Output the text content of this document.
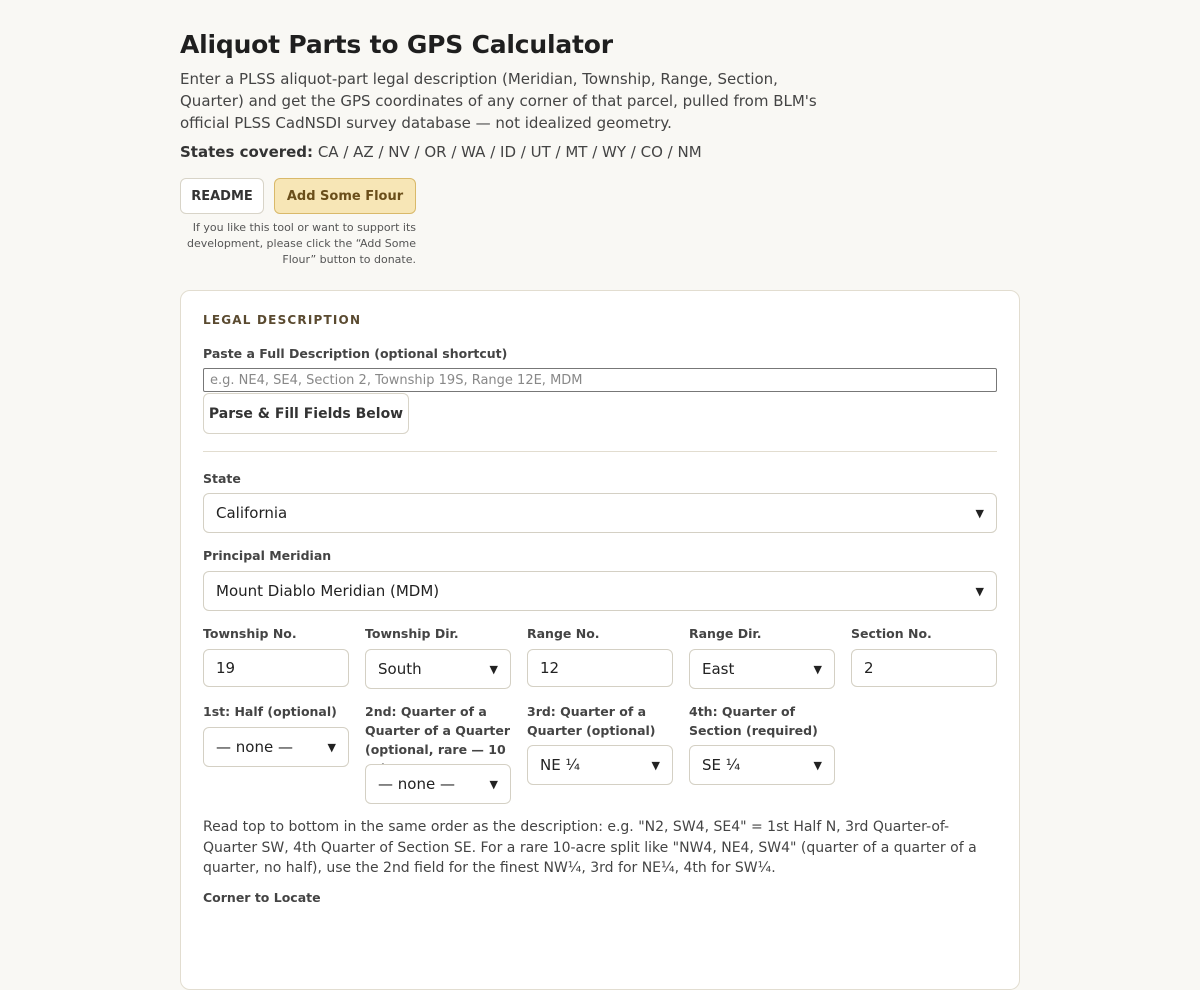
Aliquot Parts to GPS Calculator

Enter a PLSS aliquot-part legal description (Meridian, Township, Range, Section, Quarter) and get the GPS coordinates of any corner of that parcel, pulled from BLM's official PLSS CadNSDI survey database — not idealized geometry.

States covered: CA / AZ / NV / OR / WA / ID / UT / MT / WY / CO / NM

README	Add Some Flour

If you like this tool or want to support its development, please click the “Add Some Flour” button to donate.

LEGAL DESCRIPTION
Paste a Full Description (optional shortcut)
e.g. NE4, SE4, Section 2, Township 19S, Range 12E, MDM
Parse & Fill Fields Below
State
California	▼
Principal Meridian
Mount Diablo Meridian (MDM)	▼
Township No.
19
Township Dir.
South	▼
Range No.
12
Range Dir.
East	▼
Section No.
2
1st: Half (optional)
— none —	▼
2nd: Quarter of a Quarter of a Quarter (optional, rare — 10
— none —	▼
3rd: Quarter of a Quarter (optional)
NE ¼	▼
4th: Quarter of Section (required)
SE ¼	▼

Read top to bottom in the same order as the description: e.g. "N2, SW4, SE4" = 1st Half N, 3rd Quarter-of-Quarter SW, 4th Quarter of Section SE. For a rare 10-acre split like "NW4, NE4, SW4" (quarter of a quarter of a quarter, no half), use the 2nd field for the finest NW¼, 3rd for NE¼, 4th for SW¼.

Corner to Locate
